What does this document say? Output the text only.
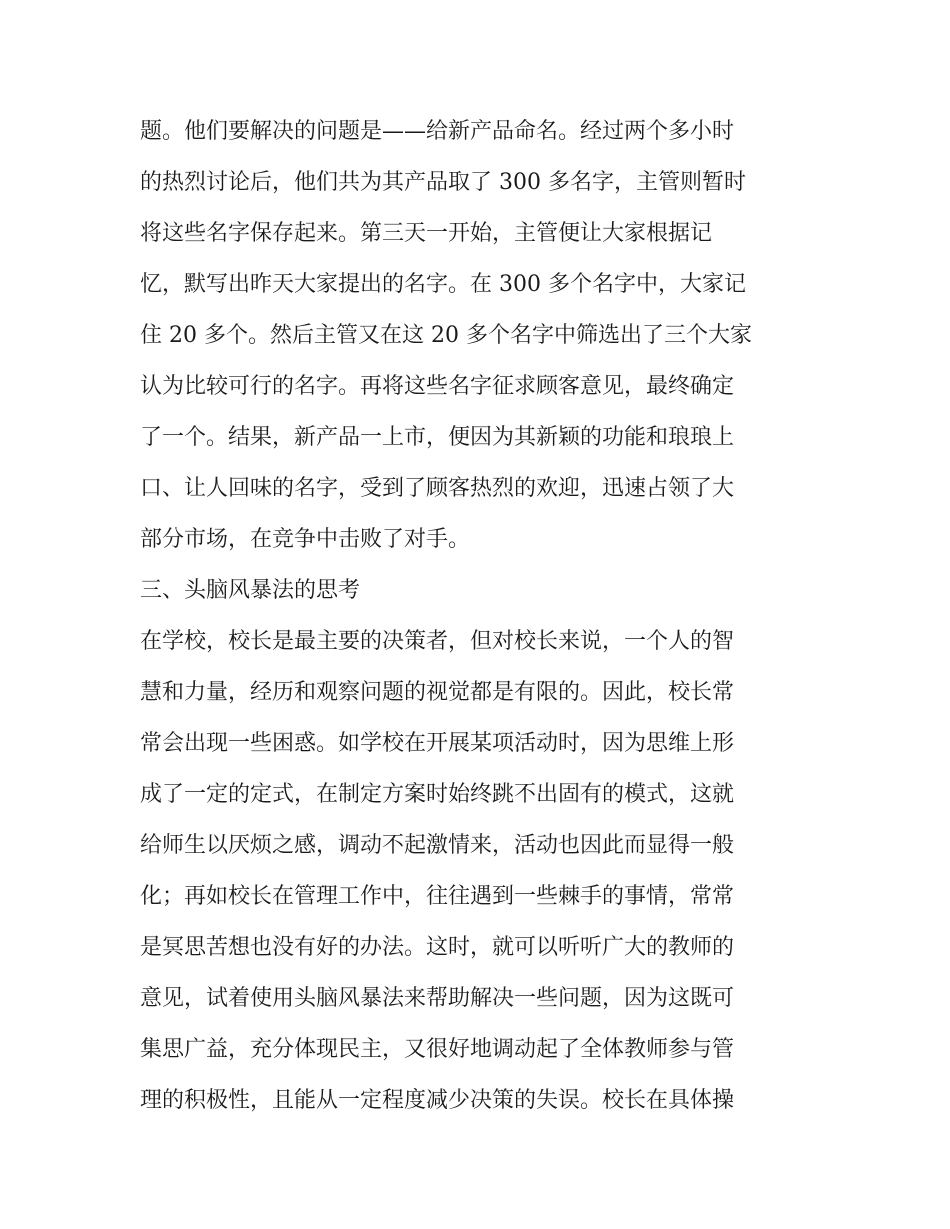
题。他们要解决的问题是——给新产品命名。经过两个多小时
的热烈讨论后，他们共为其产品取了 300 多名字，主管则暂时
将这些名字保存起来。第三天一开始，主管便让大家根据记
忆，默写出昨天大家提出的名字。在 300 多个名字中，大家记
住 20 多个。然后主管又在这 20 多个名字中筛选出了三个大家
认为比较可行的名字。再将这些名字征求顾客意见，最终确定
了一个。结果，新产品一上市，便因为其新颖的功能和琅琅上
口、让人回味的名字，受到了顾客热烈的欢迎，迅速占领了大
部分市场，在竞争中击败了对手。
三、头脑风暴法的思考
在学校，校长是最主要的决策者，但对校长来说，一个人的智
慧和力量，经历和观察问题的视觉都是有限的。因此，校长常
常会出现一些困惑。如学校在开展某项活动时，因为思维上形
成了一定的定式，在制定方案时始终跳不出固有的模式，这就
给师生以厌烦之感，调动不起激情来，活动也因此而显得一般
化；再如校长在管理工作中，往往遇到一些棘手的事情，常常
是冥思苦想也没有好的办法。这时，就可以听听广大的教师的
意见，试着使用头脑风暴法来帮助解决一些问题，因为这既可
集思广益，充分体现民主，又很好地调动起了全体教师参与管
理的积极性，且能从一定程度减少决策的失误。校长在具体操
